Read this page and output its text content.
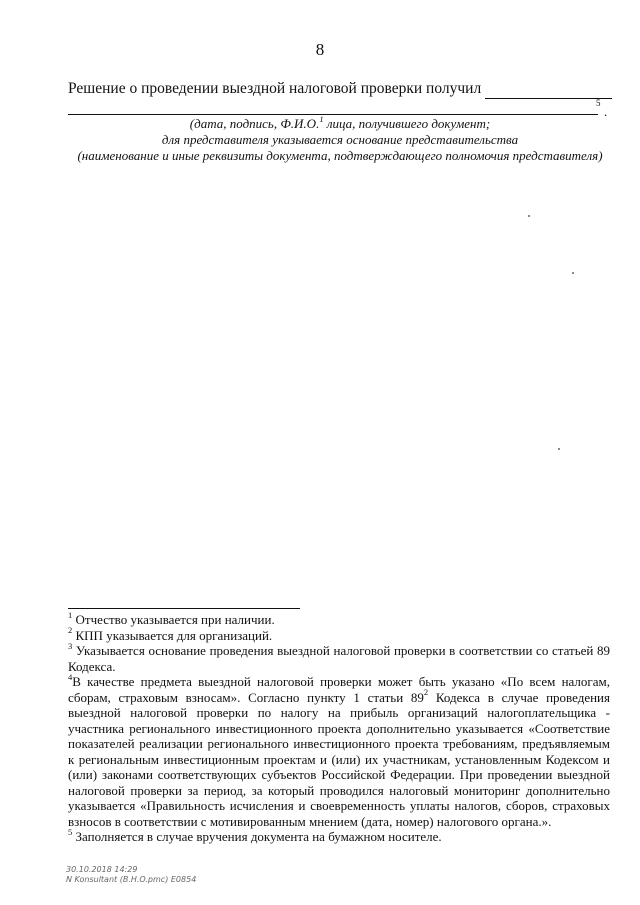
8
Решение о проведении выездной налоговой проверки получил
5
.
(дата, подпись, Ф.И.О.$^1$ лица, получившего документ;
для представителя указывается основание представительства
(наименование и иные реквизиты документа, подтверждающего полномочия представителя)

$^1$ Отчество указывается при наличии.

$^2$ КПП указывается для организаций.

$^3$ Указывается основание проведения выездной налоговой проверки в соответствии со статьей 89 Кодекса.

$^4$В качестве предмета выездной налоговой проверки может быть указано «По всем налогам, сборам, страховым взносам». Согласно пункту 1 статьи $89^2$ Кодекса в случае проведения выездной налоговой проверки по налогу на прибыль организаций налогоплательщика - участника регионального инвестиционного проекта дополнительно указывается «Соответствие показателей реализации регионального инвестиционного проекта требованиям, предъявляемым к региональным инвестиционным проектам и (или) их участникам, установленным Кодексом и (или) законами соответствующих субъектов Российской Федерации. При проведении выездной налоговой проверки за период, за который проводился налоговый мониторинг дополнительно указывается «Правильность исчисления и своевременность уплаты налогов, сборов, страховых взносов в соответствии с мотивированным мнением (дата, номер) налогового органа.».

$^5$ Заполняется в случае вручения документа на бумажном носителе.

30.10.2018 14:29
N Konsultant (B.H.O.pmc) E0854
